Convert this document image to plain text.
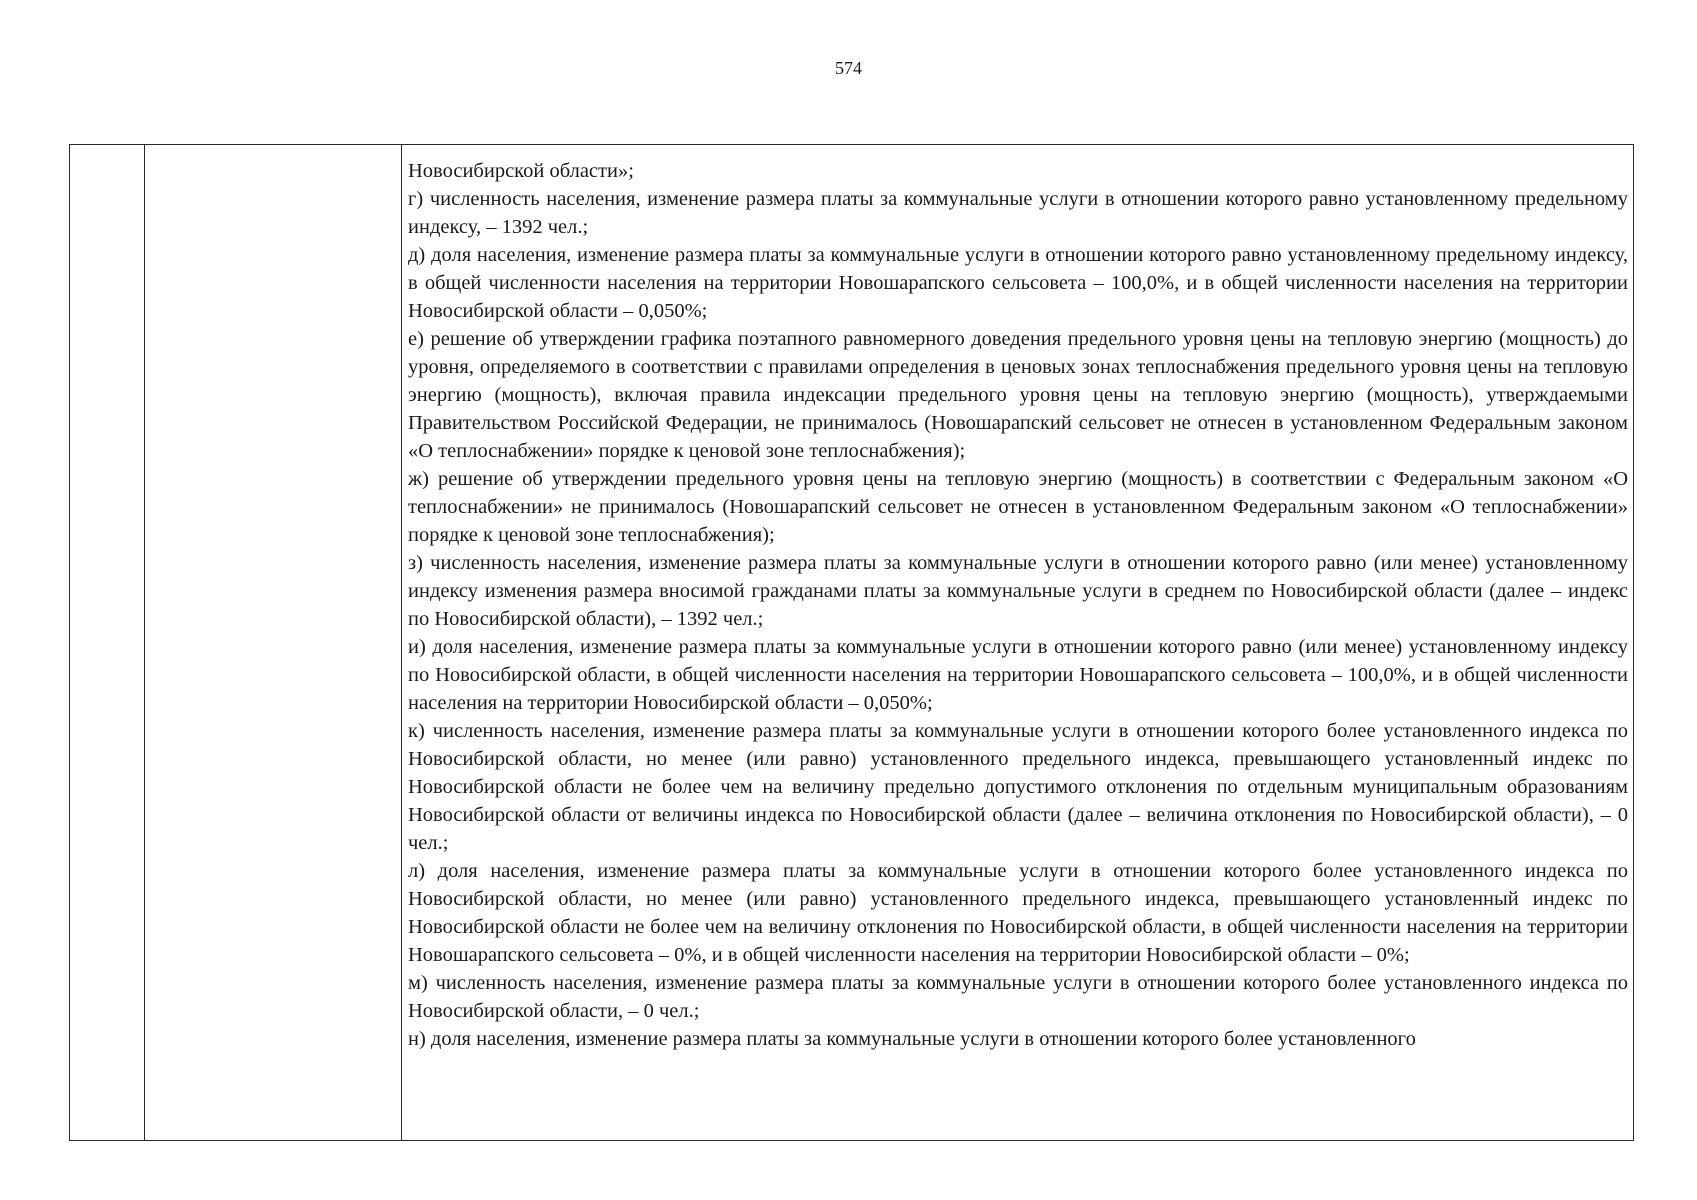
574

Новосибирской области»;

г) численность населения, изменение размера платы за коммунальные услуги в отношении которого равно установленному предельному индексу, – 1392 чел.;

д) доля населения, изменение размера платы за коммунальные услуги в отношении которого равно установленному предельному индексу, в общей численности населения на территории Новошарапского сельсовета – 100,0%, и в общей численности населения на территории Новосибирской области – 0,050%;

е) решение об утверждении графика поэтапного равномерного доведения предельного уровня цены на тепловую энергию (мощность) до уровня, определяемого в соответствии с правилами определения в ценовых зонах теплоснабжения предельного уровня цены на тепловую энергию (мощность), включая правила индексации предельного уровня цены на тепловую энергию (мощность), утверждаемыми Правительством Российской Федерации, не принималось (Новошарапский сельсовет не отнесен в установленном Федеральным законом «О теплоснабжении» порядке к ценовой зоне теплоснабжения);

ж) решение об утверждении предельного уровня цены на тепловую энергию (мощность) в соответствии с Федеральным законом «О теплоснабжении» не принималось (Новошарапский сельсовет не отнесен в установленном Федеральным законом «О теплоснабжении» порядке к ценовой зоне теплоснабжения);

з) численность населения, изменение размера платы за коммунальные услуги в отношении которого равно (или менее) установленному индексу изменения размера вносимой гражданами платы за коммунальные услуги в среднем по Новосибирской области (далее – индекс по Новосибирской области), – 1392 чел.;

и) доля населения, изменение размера платы за коммунальные услуги в отношении которого равно (или менее) установленному индексу по Новосибирской области, в общей численности населения на территории Новошарапского сельсовета – 100,0%, и в общей численности населения на территории Новосибирской области – 0,050%;

к) численность населения, изменение размера платы за коммунальные услуги в отношении которого более установленного индекса по Новосибирской области, но менее (или равно) установленного предельного индекса, превышающего установленный индекс по Новосибирской области не более чем на величину предельно допустимого отклонения по отдельным муниципальным образованиям Новосибирской области от величины индекса по Новосибирской области (далее – величина отклонения по Новосибирской области), – 0 чел.;

л) доля населения, изменение размера платы за коммунальные услуги в отношении которого более установленного индекса по Новосибирской области, но менее (или равно) установленного предельного индекса, превышающего установленный индекс по Новосибирской области не более чем на величину отклонения по Новосибирской области, в общей численности населения на территории Новошарапского сельсовета – 0%, и в общей численности населения на территории Новосибирской области – 0%;

м) численность населения, изменение размера платы за коммунальные услуги в отношении которого более установленного индекса по Новосибирской области, – 0 чел.;

н) доля населения, изменение размера платы за коммунальные услуги в отношении которого более установленного
